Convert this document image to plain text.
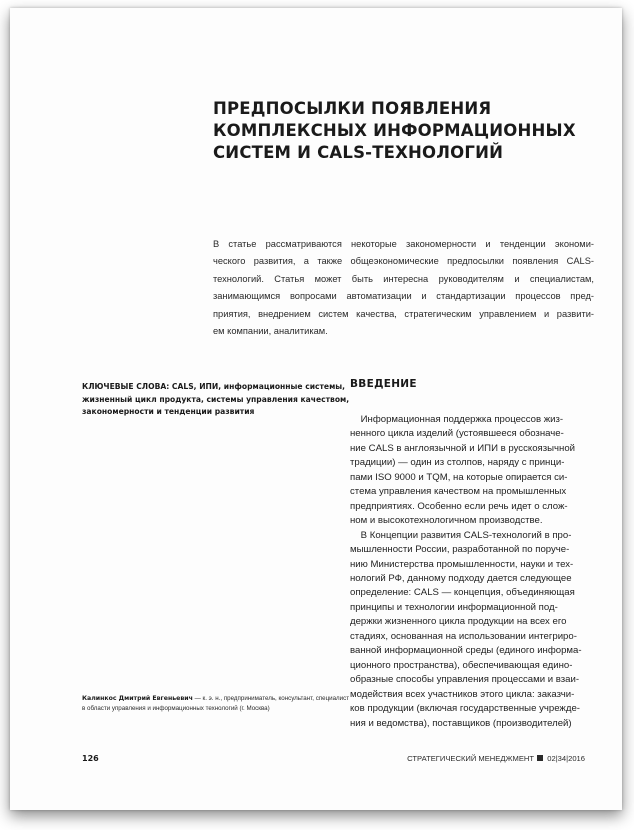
ПРЕДПОСЫЛКИ ПОЯВЛЕНИЯ
КОМПЛЕКСНЫХ ИНФОРМАЦИОННЫХ
СИСТЕМ И CALS-ТЕХНОЛОГИЙ
В статье рассматриваются некоторые закономерности и тенденции экономи-
ческого развития, а также общеэкономические предпосылки появления CALS-
технологий. Статья может быть интересна руководителям и специалистам,
занимающимся вопросами автоматизации и стандартизации процессов пред-
приятия, внедрением систем качества, стратегическим управлением и развити-
ем компании, аналитикам.
КЛЮЧЕВЫЕ СЛОВА: CALS, ИПИ, информационные системы,
жизненный цикл продукта, системы управления качеством,
закономерности и тенденции развития
ВВЕДЕНИЕ
Информационная поддержка процессов жиз-
ненного цикла изделий (устоявшееся обозначе-
ние CALS в англоязычной и ИПИ в русскоязычной
традиции) — один из столпов, наряду с принци-
пами ISO 9000 и TQM, на которые опирается си-
стема управления качеством на промышленных
предприятиях. Особенно если речь идет о слож-
ном и высокотехнологичном производстве.
В Концепции развития CALS-технологий в про-
мышленности России, разработанной по поруче-
нию Министерства промышленности, науки и тех-
нологий РФ, данному подходу дается следующее
определение: CALS — концепция, объединяющая
принципы и технологии информационной под-
держки жизненного цикла продукции на всех его
стадиях, основанная на использовании интегриро-
ванной информационной среды (единого информа-
ционного пространства), обеспечивающая едино-
образные способы управления процессами и взаи-
модействия всех участников этого цикла: заказчи-
ков продукции (включая государственные учрежде-
ния и ведомства), поставщиков (производителей)
Калинкос Дмитрий Евгеньевич — к. э. н., предприниматель, консультант, специалист
в области управления и информационных технологий (г. Москва)
126	СТРАТЕГИЧЕСКИЙ МЕНЕДЖМЕНТ 02|34|2016
